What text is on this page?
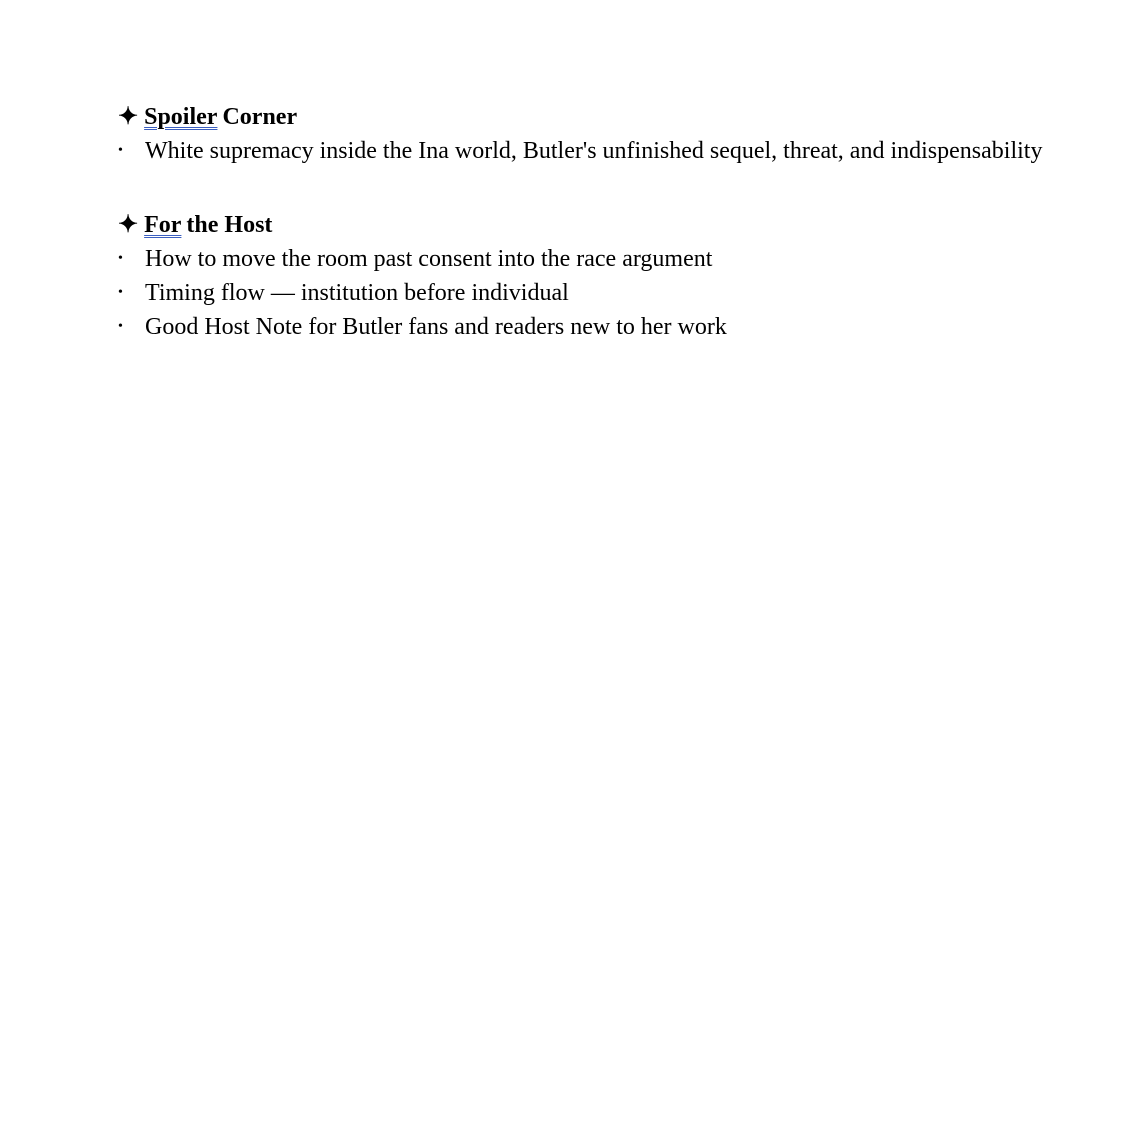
✦ Spoiler Corner
• White supremacy inside the Ina world, Butler's unfinished sequel, threat, and indispensability
✦ For the Host
• How to move the room past consent into the race argument
• Timing flow — institution before individual
• Good Host Note for Butler fans and readers new to her work
